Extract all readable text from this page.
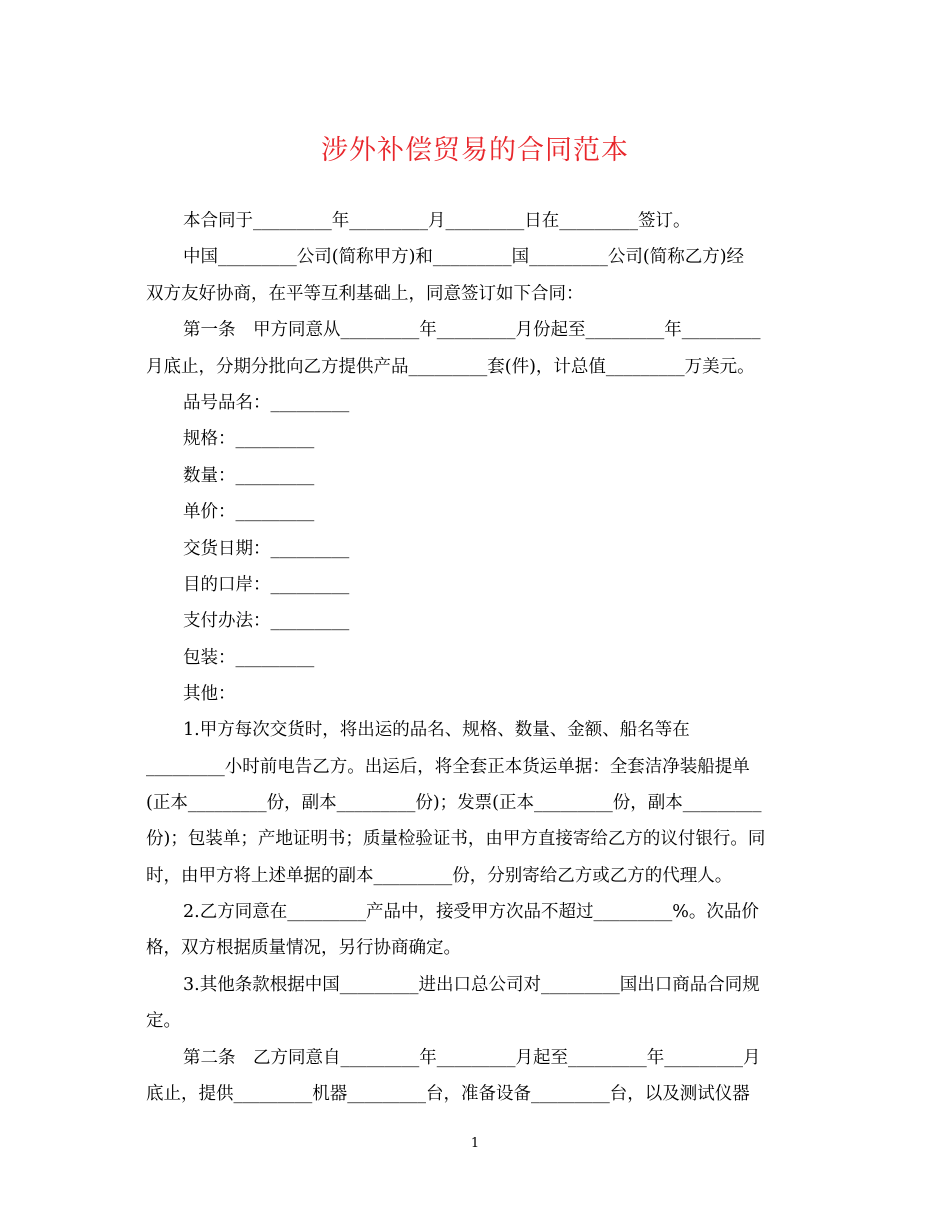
涉外补偿贸易的合同范本
本合同于_________年_________月_________日在_________签订。
中国_________公司(简称甲方)和_________国_________公司(简称乙方)经
双方友好协商，在平等互利基础上，同意签订如下合同：
第一条　甲方同意从_________年_________月份起至_________年_________
月底止，分期分批向乙方提供产品_________套(件)，计总值_________万美元。
品号品名：_________
规格：_________
数量：_________
单价：_________
交货日期：_________
目的口岸：_________
支付办法：_________
包装：_________
其他：
1.甲方每次交货时，将出运的品名、规格、数量、金额、船名等在
_________小时前电告乙方。出运后，将全套正本货运单据：全套洁净装船提单
(正本_________份，副本_________份)；发票(正本_________份，副本_________
份)；包装单；产地证明书；质量检验证书，由甲方直接寄给乙方的议付银行。同
时，由甲方将上述单据的副本_________份，分别寄给乙方或乙方的代理人。
2.乙方同意在_________产品中，接受甲方次品不超过_________%。次品价
格，双方根据质量情况，另行协商确定。
3.其他条款根据中国_________进出口总公司对_________国出口商品合同规
定。
第二条　乙方同意自_________年_________月起至_________年_________月
底止，提供_________机器_________台，准备设备_________台，以及测试仪器
1
